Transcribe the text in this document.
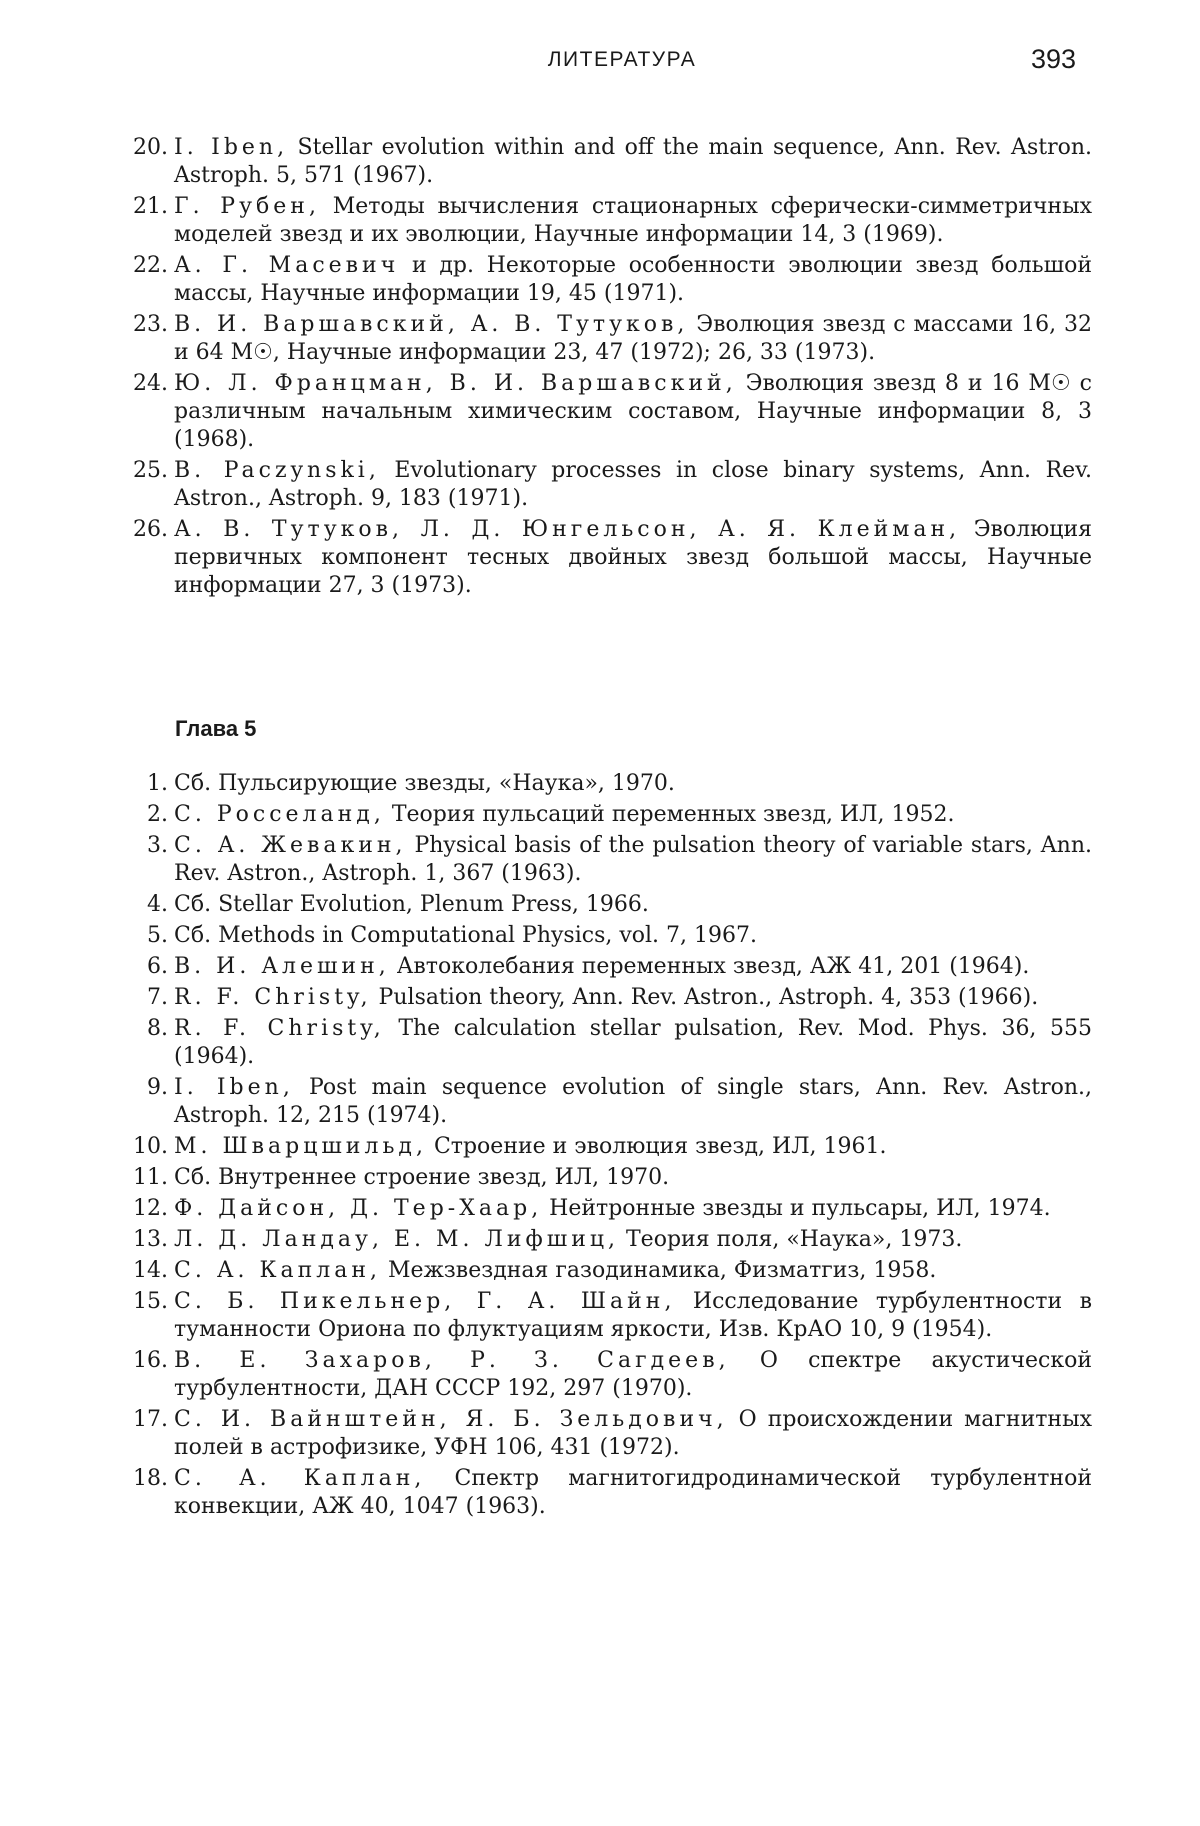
ЛИТЕРАТУРА	393
20. I. Iben, Stellar evolution within and off the main sequence, Ann. Rev. Astron. Astroph. 5, 571 (1967).
21. Г. Рубен, Методы вычисления стационарных сферически-симметричных моделей звезд и их эволюции, Научные информации 14, 3 (1969).
22. А. Г. Масевич и др. Некоторые особенности эволюции звезд большой массы, Научные информации 19, 45 (1971).
23. В. И. Варшавский, А. В. Тутуков, Эволюция звезд с массами 16, 32 и 64 M☉, Научные информации 23, 47 (1972); 26, 33 (1973).
24. Ю. Л. Францман, В. И. Варшавский, Эволюция звезд 8 и 16 M☉ с различным начальным химическим составом, Научные информации 8, 3 (1968).
25. B. Paczynski, Evolutionary processes in close binary systems, Ann. Rev. Astron., Astroph. 9, 183 (1971).
26. А. В. Тутуков, Л. Д. Юнгельсон, А. Я. Клейман, Эволюция первичных компонент тесных двойных звезд большой массы, Научные информации 27, 3 (1973).
Глава 5
1. Сб. Пульсирующие звезды, «Наука», 1970.
2. С. Росселанд, Теория пульсаций переменных звезд, ИЛ, 1952.
3. С. А. Жевакин, Physical basis of the pulsation theory of variable stars, Ann. Rev. Astron., Astroph. 1, 367 (1963).
4. Сб. Stellar Evolution, Plenum Press, 1966.
5. Сб. Methods in Computational Physics, vol. 7, 1967.
6. В. И. Алешин, Автоколебания переменных звезд, АЖ 41, 201 (1964).
7. R. F. Christy, Pulsation theory, Ann. Rev. Astron., Astroph. 4, 353 (1966).
8. R. F. Christy, The calculation stellar pulsation, Rev. Mod. Phys. 36, 555 (1964).
9. I. Iben, Post main sequence evolution of single stars, Ann. Rev. Astron., Astroph. 12, 215 (1974).
10. М. Шварцшильд, Строение и эволюция звезд, ИЛ, 1961.
11. Сб. Внутреннее строение звезд, ИЛ, 1970.
12. Ф. Дайсон, Д. Тер-Хаар, Нейтронные звезды и пульсары, ИЛ, 1974.
13. Л. Д. Ландау, Е. М. Лифшиц, Теория поля, «Наука», 1973.
14. С. А. Каплан, Межзвездная газодинамика, Физматгиз, 1958.
15. С. Б. Пикельнер, Г. А. Шайн, Исследование турбулентности в туманности Ориона по флуктуациям яркости, Изв. КрАО 10, 9 (1954).
16. В. Е. Захаров, Р. З. Сагдеев, О спектре акустической турбулентности, ДАН СССР 192, 297 (1970).
17. С. И. Вайнштейн, Я. Б. Зельдович, О происхождении магнитных полей в астрофизике, УФН 106, 431 (1972).
18. С. А. Каплан, Спектр магнитогидродинамической турбулентной конвекции, АЖ 40, 1047 (1963).
